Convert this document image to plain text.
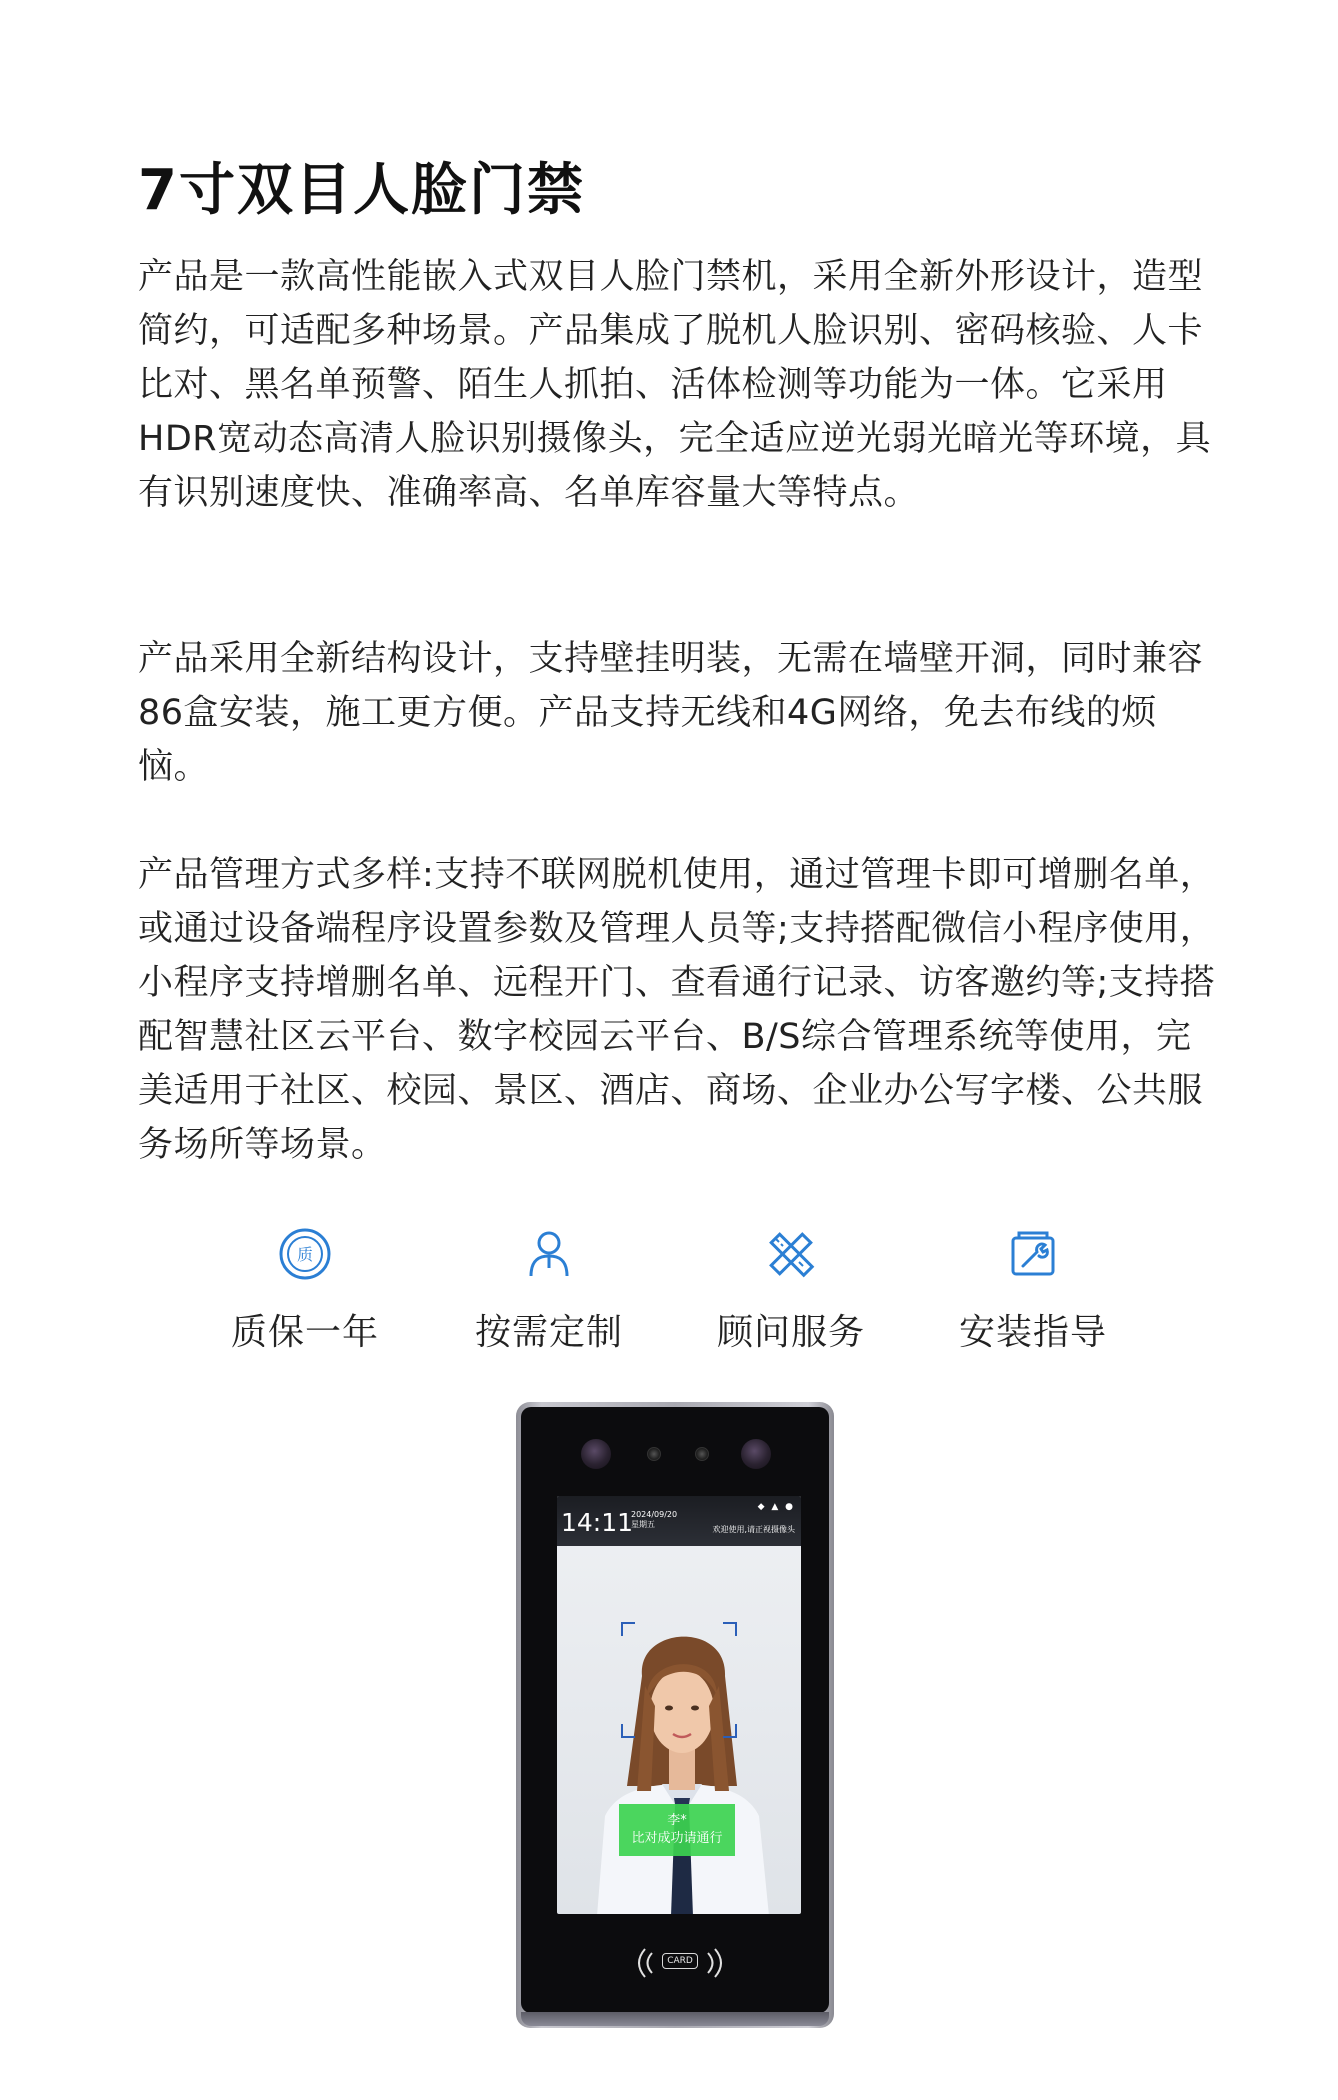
7寸双目人脸门禁

产品是一款高性能嵌入式双目人脸门禁机，采用全新外形设计，造型简约，可适配多种场景。产品集成了脱机人脸识别、密码核验、人卡比对、黑名单预警、陌生人抓拍、活体检测等功能为一体。它采用HDR宽动态高清人脸识别摄像头，完全适应逆光弱光暗光等环境，具有识别速度快、准确率高、名单库容量大等特点。

产品采用全新结构设计，支持壁挂明装，无需在墙壁开洞，同时兼容86盒安装，施工更方便。产品支持无线和4G网络，免去布线的烦恼。

产品管理方式多样:支持不联网脱机使用，通过管理卡即可增删名单，或通过设备端程序设置参数及管理人员等;支持搭配微信小程序使用，小程序支持增删名单、远程开门、查看通行记录、访客邀约等;支持搭配智慧社区云平台、数字校园云平台、B/S综合管理系统等使用，完美适用于社区、校园、景区、酒店、商场、企业办公写字楼、公共服务场所等场景。

质
质保一年	按需定制	顾问服务	安装指导
14:11
2024/09/20
星期五
◆ ▲ ●
欢迎使用,请正视摄像头
李*
比对成功请通行
CARD
